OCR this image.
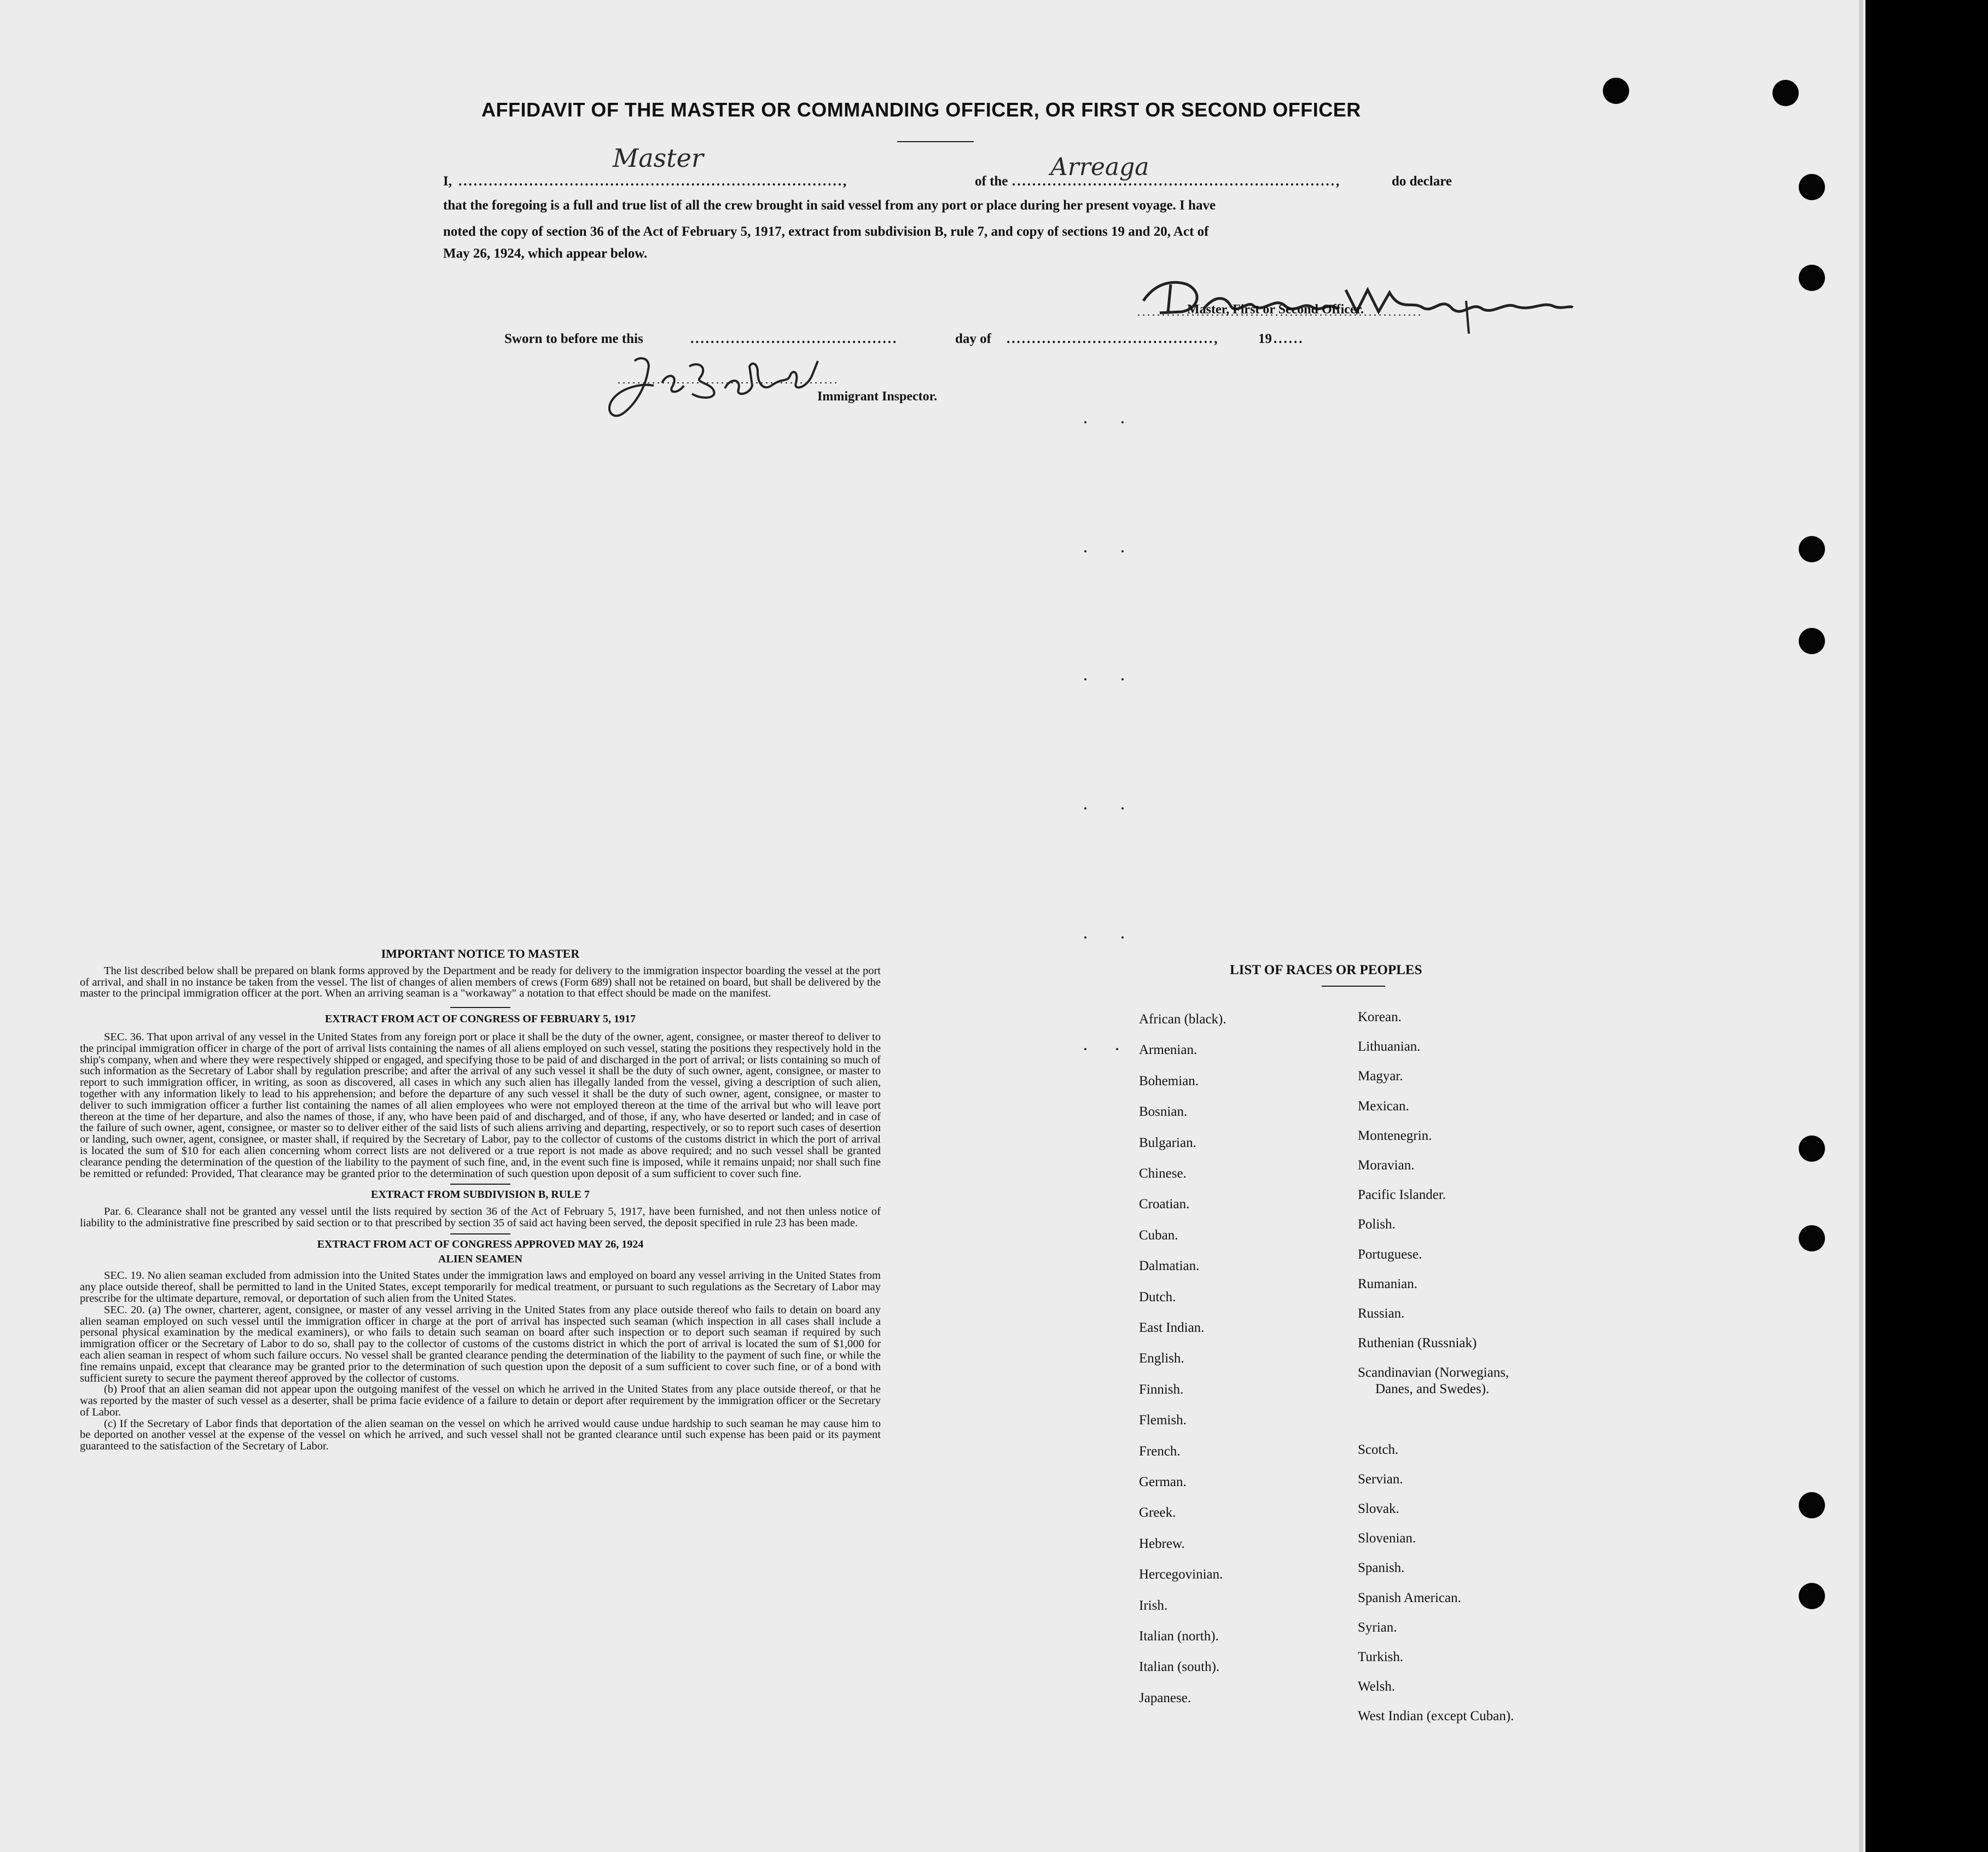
AFFIDAVIT OF THE MASTER OR COMMANDING OFFICER, OR FIRST OR SECOND OFFICER
I, ............................................................................,
Master
of the ................................................................,
Arreaga
do declare
that the foregoing is a full and true list of all the crew brought in said vessel from any port or place during her present voyage. I have
noted the copy of section 36 of the Act of February 5, 1917, extract from subdivision B, rule 7, and copy of sections 19 and 20, Act of
May 26, 1924, which appear below.
Master, First or Second Officer.
Sworn to before me this	.........................................	day of .........................................,	19 ......
Immigrant Inspector.

IMPORTANT NOTICE TO MASTER

The list described below shall be prepared on blank forms approved by the Department and be ready for delivery to the immigration inspector boarding the vessel at the port of arrival, and shall in no instance be taken from the vessel. The list of changes of alien members of crews (Form 689) shall not be retained on board, but shall be delivered by the master to the principal immigration officer at the port. When an arriving seaman is a "workaway" a notation to that effect should be made on the manifest.

EXTRACT FROM ACT OF CONGRESS OF FEBRUARY 5, 1917

SEC. 36. That upon arrival of any vessel in the United States from any foreign port or place it shall be the duty of the owner, agent, consignee, or master thereof to deliver to the principal immigration officer in charge of the port of arrival lists containing the names of all aliens employed on such vessel, stating the positions they respectively hold in the ship's company, when and where they were respectively shipped or engaged, and specifying those to be paid of and discharged in the port of arrival; or lists containing so much of such information as the Secretary of Labor shall by regulation prescribe; and after the arrival of any such vessel it shall be the duty of such owner, agent, consignee, or master to report to such immigration officer, in writing, as soon as discovered, all cases in which any such alien has illegally landed from the vessel, giving a description of such alien, together with any information likely to lead to his apprehension; and before the departure of any such vessel it shall be the duty of such owner, agent, consignee, or master to deliver to such immigration officer a further list containing the names of all alien employees who were not employed thereon at the time of the arrival but who will leave port thereon at the time of her departure, and also the names of those, if any, who have been paid of and discharged, and of those, if any, who have deserted or landed; and in case of the failure of such owner, agent, consignee, or master so to deliver either of the said lists of such aliens arriving and departing, respectively, or so to report such cases of desertion or landing, such owner, agent, consignee, or master shall, if required by the Secretary of Labor, pay to the collector of customs of the customs district in which the port of arrival is located the sum of $10 for each alien concerning whom correct lists are not delivered or a true report is not made as above required; and no such vessel shall be granted clearance pending the determination of the question of the liability to the payment of such fine, and, in the event such fine is imposed, while it remains unpaid; nor shall such fine be remitted or refunded: Provided, That clearance may be granted prior to the determination of such question upon deposit of a sum sufficient to cover such fine.

EXTRACT FROM SUBDIVISION B, RULE 7

Par. 6. Clearance shall not be granted any vessel until the lists required by section 36 of the Act of February 5, 1917, have been furnished, and not then unless notice of liability to the administrative fine prescribed by said section or to that prescribed by section 35 of said act having been served, the deposit specified in rule 23 has been made.

EXTRACT FROM ACT OF CONGRESS APPROVED MAY 26, 1924

ALIEN SEAMEN

SEC. 19. No alien seaman excluded from admission into the United States under the immigration laws and employed on board any vessel arriving in the United States from any place outside thereof, shall be permitted to land in the United States, except temporarily for medical treatment, or pursuant to such regulations as the Secretary of Labor may prescribe for the ultimate departure, removal, or deportation of such alien from the United States.

SEC. 20. (a) The owner, charterer, agent, consignee, or master of any vessel arriving in the United States from any place outside thereof who fails to detain on board any alien seaman employed on such vessel until the immigration officer in charge at the port of arrival has inspected such seaman (which inspection in all cases shall include a personal physical examination by the medical examiners), or who fails to detain such seaman on board after such inspection or to deport such seaman if required by such immigration officer or the Secretary of Labor to do so, shall pay to the collector of customs of the customs district in which the port of arrival is located the sum of $1,000 for each alien seaman in respect of whom such failure occurs. No vessel shall be granted clearance pending the determination of the liability to the payment of such fine, or while the fine remains unpaid, except that clearance may be granted prior to the determination of such question upon the deposit of a sum sufficient to cover such fine, or of a bond with sufficient surety to secure the payment thereof approved by the collector of customs.

(b) Proof that an alien seaman did not appear upon the outgoing manifest of the vessel on which he arrived in the United States from any place outside thereof, or that he was reported by the master of such vessel as a deserter, shall be prima facie evidence of a failure to detain or deport after requirement by the immigration officer or the Secretary of Labor.

(c) If the Secretary of Labor finds that deportation of the alien seaman on the vessel on which he arrived would cause undue hardship to such seaman he may cause him to be deported on another vessel at the expense of the vessel on which he arrived, and such vessel shall not be granted clearance until such expense has been paid or its payment guaranteed to the satisfaction of the Secretary of Labor.

LIST OF RACES OR PEOPLES
African (black).
Armenian.
Bohemian.
Bosnian.
Bulgarian.
Chinese.
Croatian.
Cuban.
Dalmatian.
Dutch.
East Indian.
English.
Finnish.
Flemish.
French.
German.
Greek.
Hebrew.
Hercegovinian.
Irish.
Italian (north).
Italian (south).
Japanese.
Korean.
Lithuanian.
Magyar.
Mexican.
Montenegrin.
Moravian.
Pacific Islander.
Polish.
Portuguese.
Rumanian.
Russian.
Ruthenian (Russniak)
Scandinavian (Norwegians,
Danes, and Swedes).
Scotch.
Servian.
Slovak.
Slovenian.
Spanish.
Spanish American.
Syrian.
Turkish.
Welsh.
West Indian (except Cuban).
